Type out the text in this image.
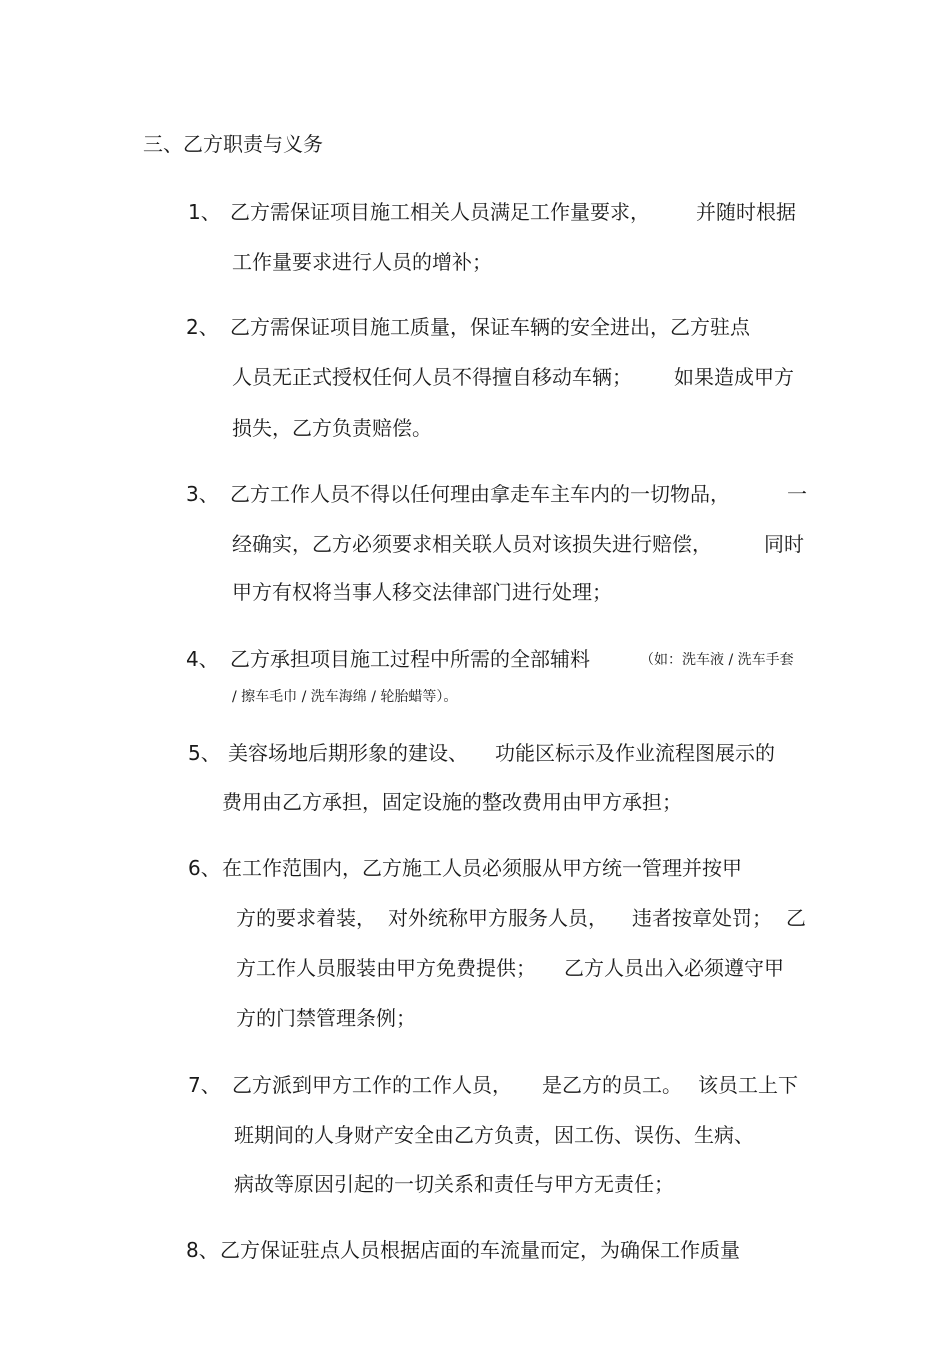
三、乙方职责与义务
1、 乙方需保证项目施工相关人员满足工作量要求， 并随时根据
工作量要求进行人员的增补；
2、 乙方需保证项目施工质量，保证车辆的安全进出，乙方驻点
人员无正式授权任何人员不得擅自移动车辆； 如果造成甲方
损失，乙方负责赔偿。
3、 乙方工作人员不得以任何理由拿走车主车内的一切物品，	一
经确实，乙方必须要求相关联人员对该损失进行赔偿，	同时
甲方有权将当事人移交法律部门进行处理；
4、 乙方承担项目施工过程中所需的全部辅料	（如：洗车液 / 洗车手套
/ 擦车毛巾 / 洗车海绵 / 轮胎蜡等）。
5、 美容场地后期形象的建设、 功能区标示及作业流程图展示的
费用由乙方承担，固定设施的整改费用由甲方承担；
6、 在工作范围内，乙方施工人员必须服从甲方统一管理并按甲
方的要求着装， 对外统称甲方服务人员， 违者按章处罚； 乙
方工作人员服装由甲方免费提供； 乙方人员出入必须遵守甲
方的门禁管理条例；
7、 乙方派到甲方工作的工作人员， 是乙方的员工。 该员工上下
班期间的人身财产安全由乙方负责，因工伤、误伤、生病、
病故等原因引起的一切关系和责任与甲方无责任；
8、 乙方保证驻点人员根据店面的车流量而定，为确保工作质量
